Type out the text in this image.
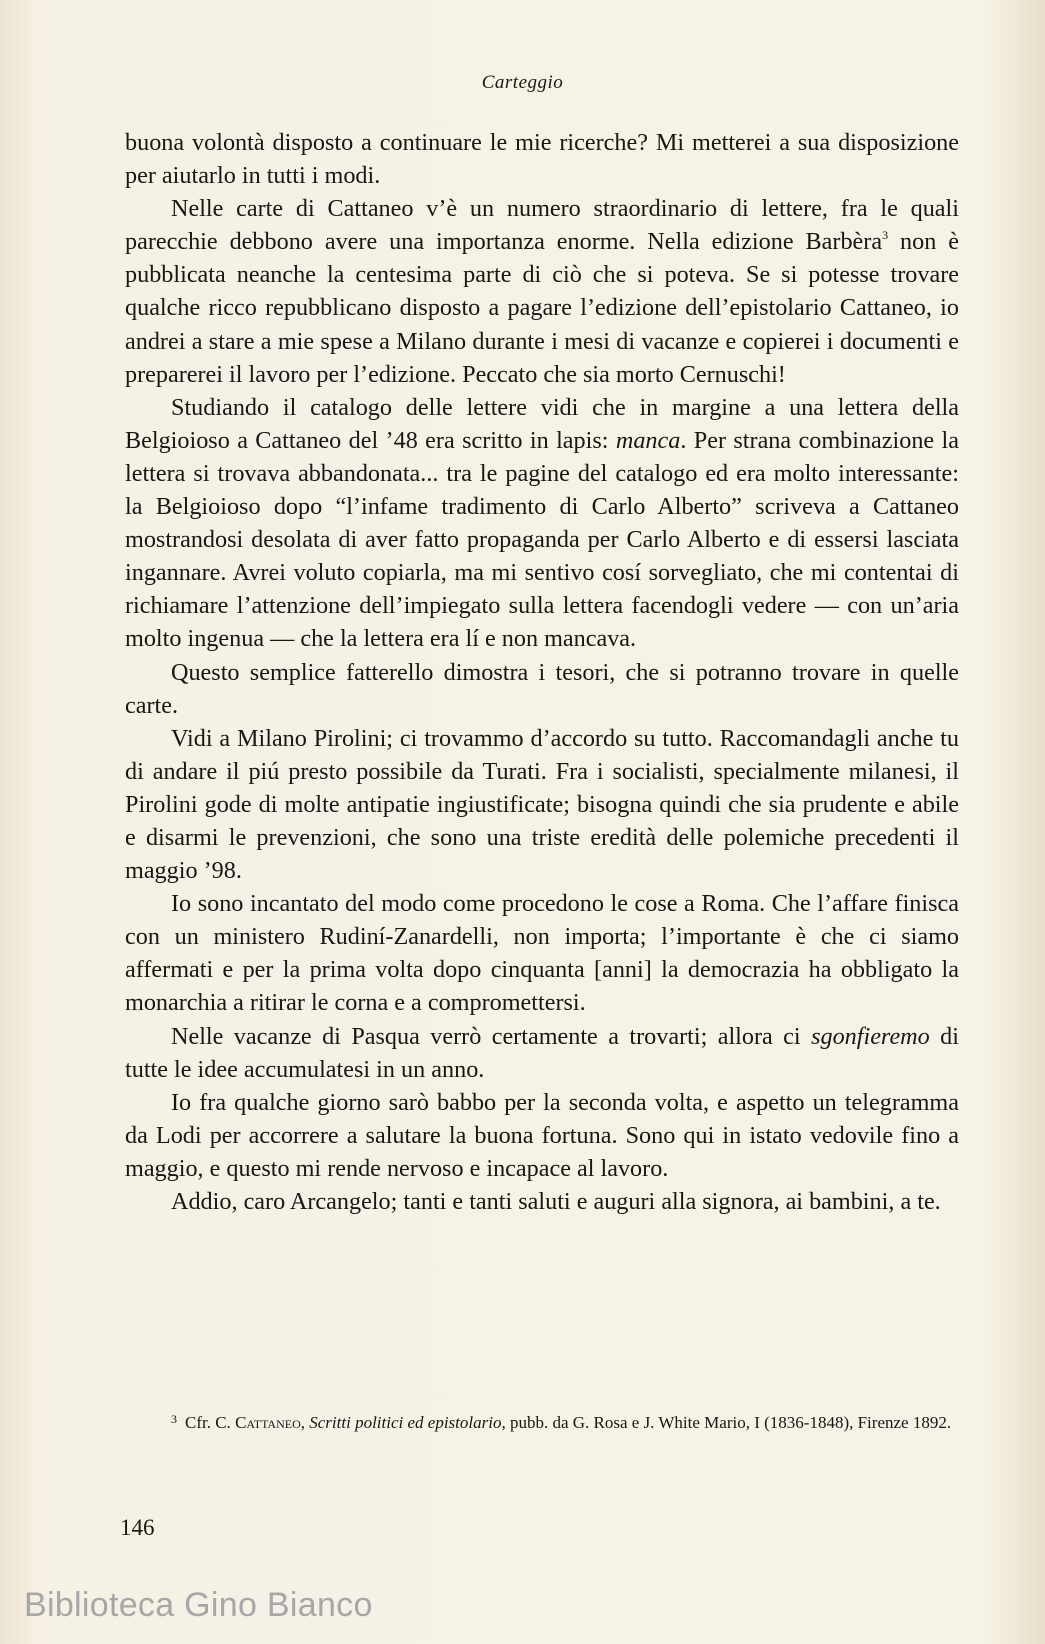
Carteggio

buona volontà disposto a continuare le mie ricerche? Mi metterei a sua disposizione per aiutarlo in tutti i modi.

Nelle carte di Cattaneo v’è un numero straordinario di lettere, fra le quali parecchie debbono avere una importanza enorme. Nella edizione Barbèra$^3$ non è pubblicata neanche la centesima parte di ciò che si poteva. Se si potesse trovare qualche ricco repubblicano disposto a pagare l’edizione dell’epistolario Cattaneo, io andrei a stare a mie spese a Milano durante i mesi di vacanze e copierei i documenti e preparerei il lavoro per l’edizione. Peccato che sia morto Cernuschi!

Studiando il catalogo delle lettere vidi che in margine a una lettera della Belgioioso a Cattaneo del ’48 era scritto in lapis: manca. Per strana combinazione la lettera si trovava abbandonata... tra le pagine del catalogo ed era molto interessante: la Belgioioso dopo “l’infame tradimento di Carlo Alberto” scriveva a Cattaneo mostrandosi desolata di aver fatto propaganda per Carlo Alberto e di essersi lasciata ingannare. Avrei voluto copiarla, ma mi sentivo cosí sorvegliato, che mi contentai di richiamare l’attenzione dell’impiegato sulla lettera facendogli vedere — con un’aria molto ingenua — che la lettera era lí e non mancava.

Questo semplice fatterello dimostra i tesori, che si potranno trovare in quelle carte.

Vidi a Milano Pirolini; ci trovammo d’accordo su tutto. Raccomandagli anche tu di andare il piú presto possibile da Turati. Fra i socialisti, specialmente milanesi, il Pirolini gode di molte antipatie ingiustificate; bisogna quindi che sia prudente e abile e disarmi le prevenzioni, che sono una triste eredità delle polemiche precedenti il maggio ’98.

Io sono incantato del modo come procedono le cose a Roma. Che l’affare finisca con un ministero Rudiní-Zanardelli, non importa; l’importante è che ci siamo affermati e per la prima volta dopo cinquanta [anni] la democrazia ha obbligato la monarchia a ritirar le corna e a compromettersi.

Nelle vacanze di Pasqua verrò certamente a trovarti; allora ci sgonfieremo di tutte le idee accumulatesi in un anno.

Io fra qualche giorno sarò babbo per la seconda volta, e aspetto un telegramma da Lodi per accorrere a salutare la buona fortuna. Sono qui in istato vedovile fino a maggio, e questo mi rende nervoso e incapace al lavoro.

Addio, caro Arcangelo; tanti e tanti saluti e auguri alla signora, ai bambini, a te.

$^3$ Cfr. C. Cattaneo, Scritti politici ed epistolario, pubb. da G. Rosa e J. White Mario, I (1836-1848), Firenze 1892.
146
Biblioteca Gino Bianco
